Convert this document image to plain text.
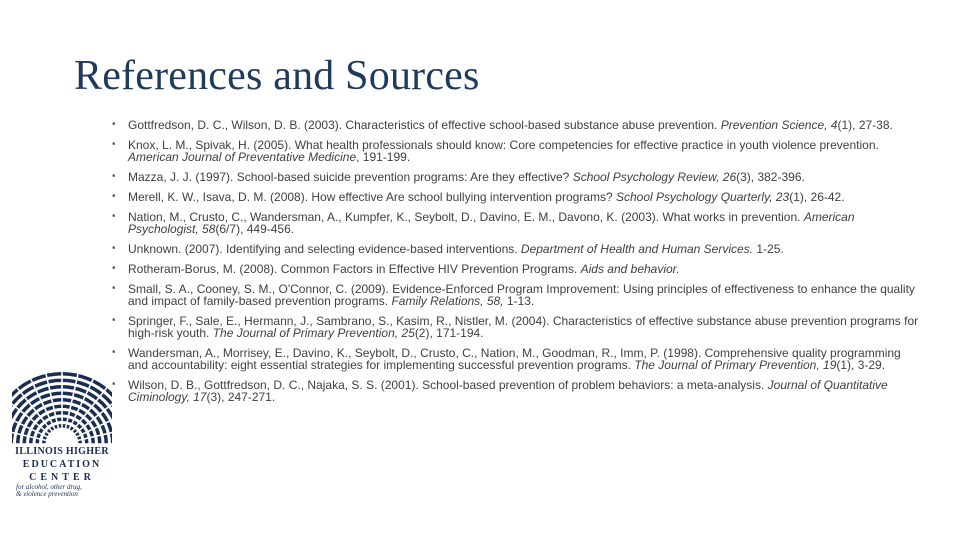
References and Sources
• Gottfredson, D. C., Wilson, D. B. (2003). Characteristics of effective school-based substance abuse prevention. Prevention Science, 4(1), 27-38.
• Knox, L. M., Spivak, H. (2005). What health professionals should know: Core competencies for effective practice in youth violence prevention. American Journal of Preventative Medicine, 191-199.
• Mazza, J. J. (1997). School-based suicide prevention programs: Are they effective? School Psychology Review, 26(3), 382-396.
• Merell, K. W., Isava, D. M. (2008). How effective Are school bullying intervention programs? School Psychology Quarterly, 23(1), 26-42.
• Nation, M., Crusto, C., Wandersman, A., Kumpfer, K., Seybolt, D., Davino, E. M., Davono, K. (2003). What works in prevention. American Psychologist, 58(6/7), 449-456.
• Unknown. (2007). Identifying and selecting evidence-based interventions. Department of Health and Human Services. 1-25.
• Rotheram-Borus, M. (2008). Common Factors in Effective HIV Prevention Programs. Aids and behavior.
• Small, S. A., Cooney, S. M., O'Connor, C. (2009). Evidence-Enforced Program Improvement: Using principles of effectiveness to enhance the quality and impact of family-based prevention programs. Family Relations, 58, 1-13.
• Springer, F., Sale, E., Hermann, J., Sambrano, S., Kasim, R., Nistler, M. (2004). Characteristics of effective substance abuse prevention programs for high-risk youth. The Journal of Primary Prevention, 25(2), 171-194.
• Wandersman, A., Morrisey, E., Davino, K., Seybolt, D., Crusto, C., Nation, M., Goodman, R., Imm, P. (1998). Comprehensive quality programming and accountability: eight essential strategies for implementing successful prevention programs. The Journal of Primary Prevention, 19(1), 3-29.
• Wilson, D. B., Gottfredson, D. C., Najaka, S. S. (2001). School-based prevention of problem behaviors: a meta-analysis. Journal of Quantitative Ciminology, 17(3), 247-271.
ILLINOIS HIGHER
EDUCATION
CENTER
for alcohol, other drug,
& violence prevention
